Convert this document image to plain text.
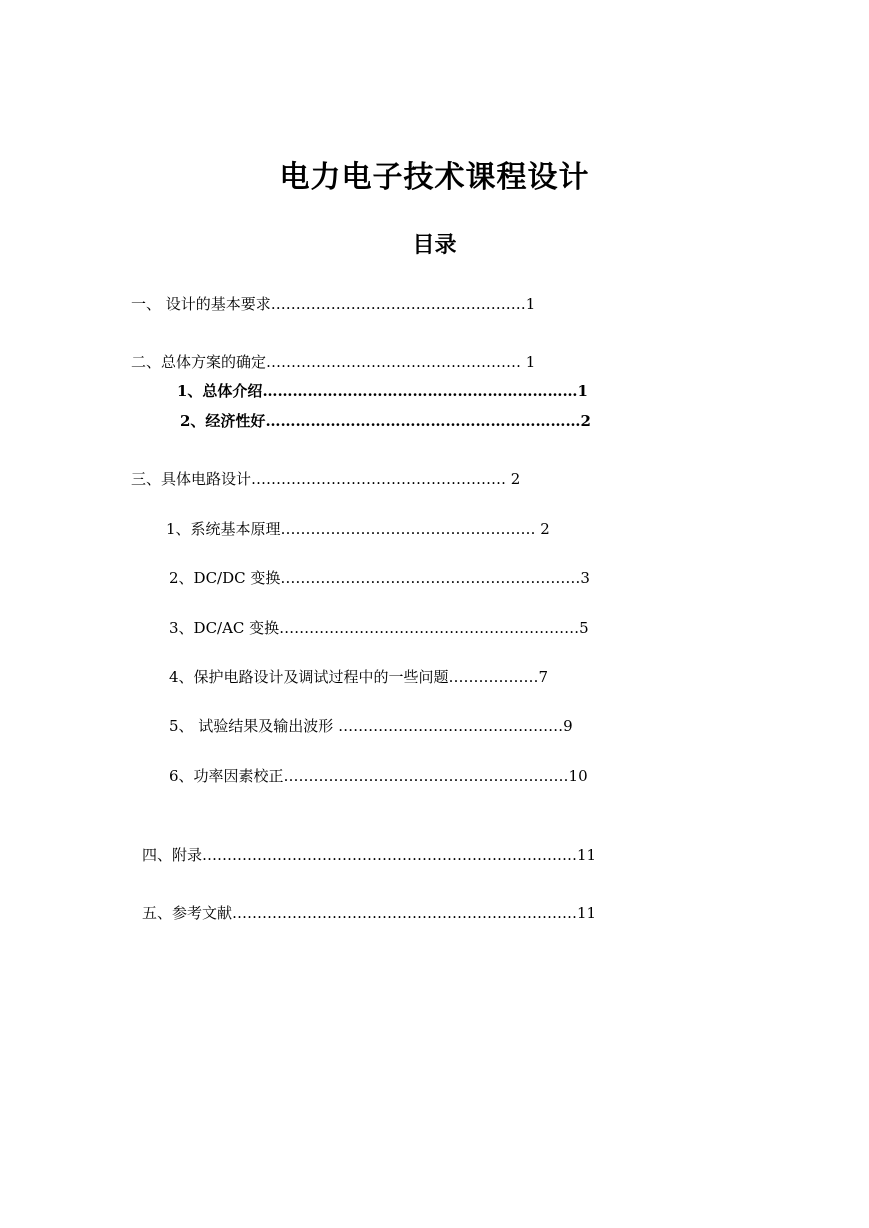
电力电子技术课程设计
目录
一、 设计的基本要求……………………………………………1
二、总体方案的确定…………………………………………… 1
1、总体介绍………………………………………………………1
2、经济性好………………………………………………………2
三、具体电路设计…………………………………………… 2
1、系统基本原理…………………………………………… 2
2、DC/DC 变换……………………………………………………3
3、DC/AC 变换……………………………………………………5
4、保护电路设计及调试过程中的一些问题………………7
5、 试验结果及输出波形 ………………………………………9
6、功率因素校正…………………………………………………10
四、附录…………………………………………………………………11
五、参考文献……………………………………………………………11
